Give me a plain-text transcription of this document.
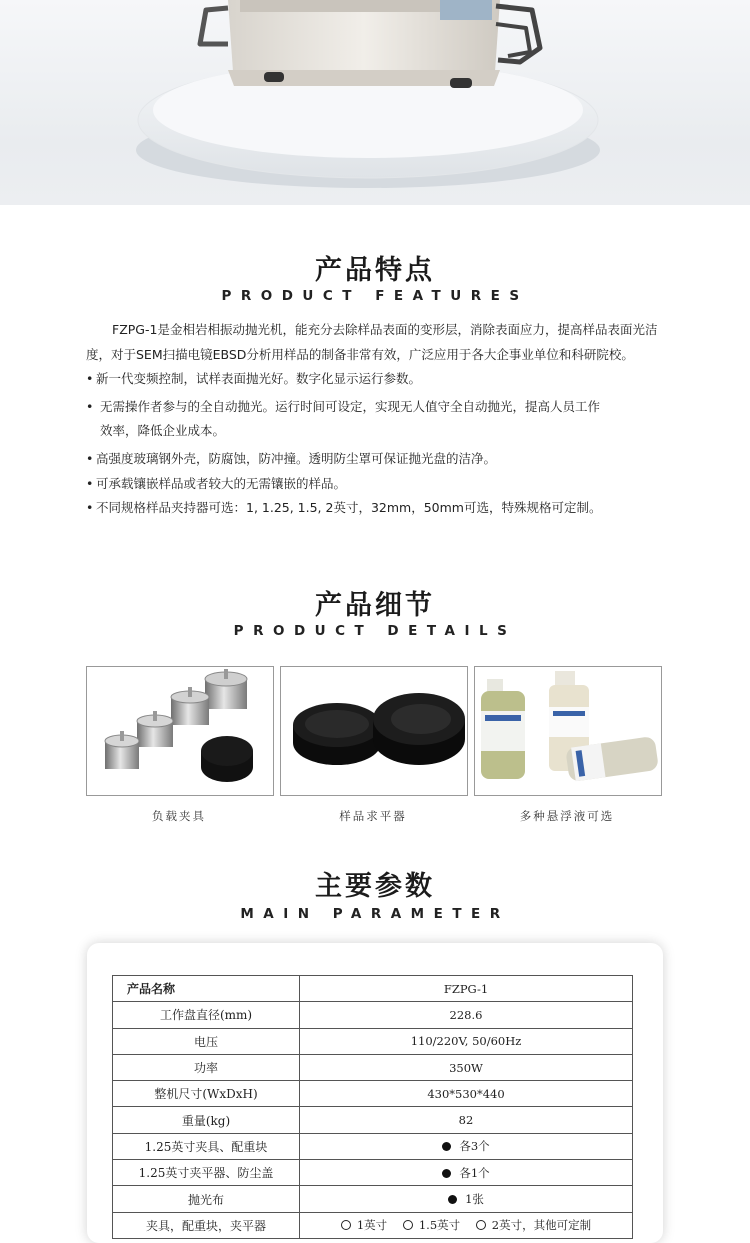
产品特点
PRODUCT FEATURES

FZPG-1是金相岩相振动抛光机，能充分去除样品表面的变形层，消除表面应力，提高样品表面光洁度，对于SEM扫描电镜EBSD分析用样品的制备非常有效，广泛应用于各大企事业单位和科研院校。

• 新一代变频控制，试样表面抛光好。数字化显示运行参数。
• 无需操作者参与的全自动抛光。运行时间可设定，实现无人值守全自动抛光，提高人员工作
效率，降低企业成本。
• 高强度玻璃钢外壳，防腐蚀，防冲撞。透明防尘罩可保证抛光盘的洁净。
• 可承载镶嵌样品或者较大的无需镶嵌的样品。
• 不同规格样品夹持器可选：1, 1.25, 1.5, 2英寸，32mm，50mm可选，特殊规格可定制。
产品细节
PRODUCT DETAILS
负载夹具	样品求平器	多种悬浮液可选
主要参数
MAIN PARAMETER
产品名称	FZPG-1
工作盘直径(mm)	228.6
电压	110/220V, 50/60Hz
功率	350W
整机尺寸(WxDxH)	430*530*440
重量(kg)	82
1.25英寸夹具、配重块	各3个
1.25英寸夹平器、防尘盖	各1个
抛光布	1张
夹具，配重块，夹平器	1英寸 1.5英寸 2英寸，其他可定制
